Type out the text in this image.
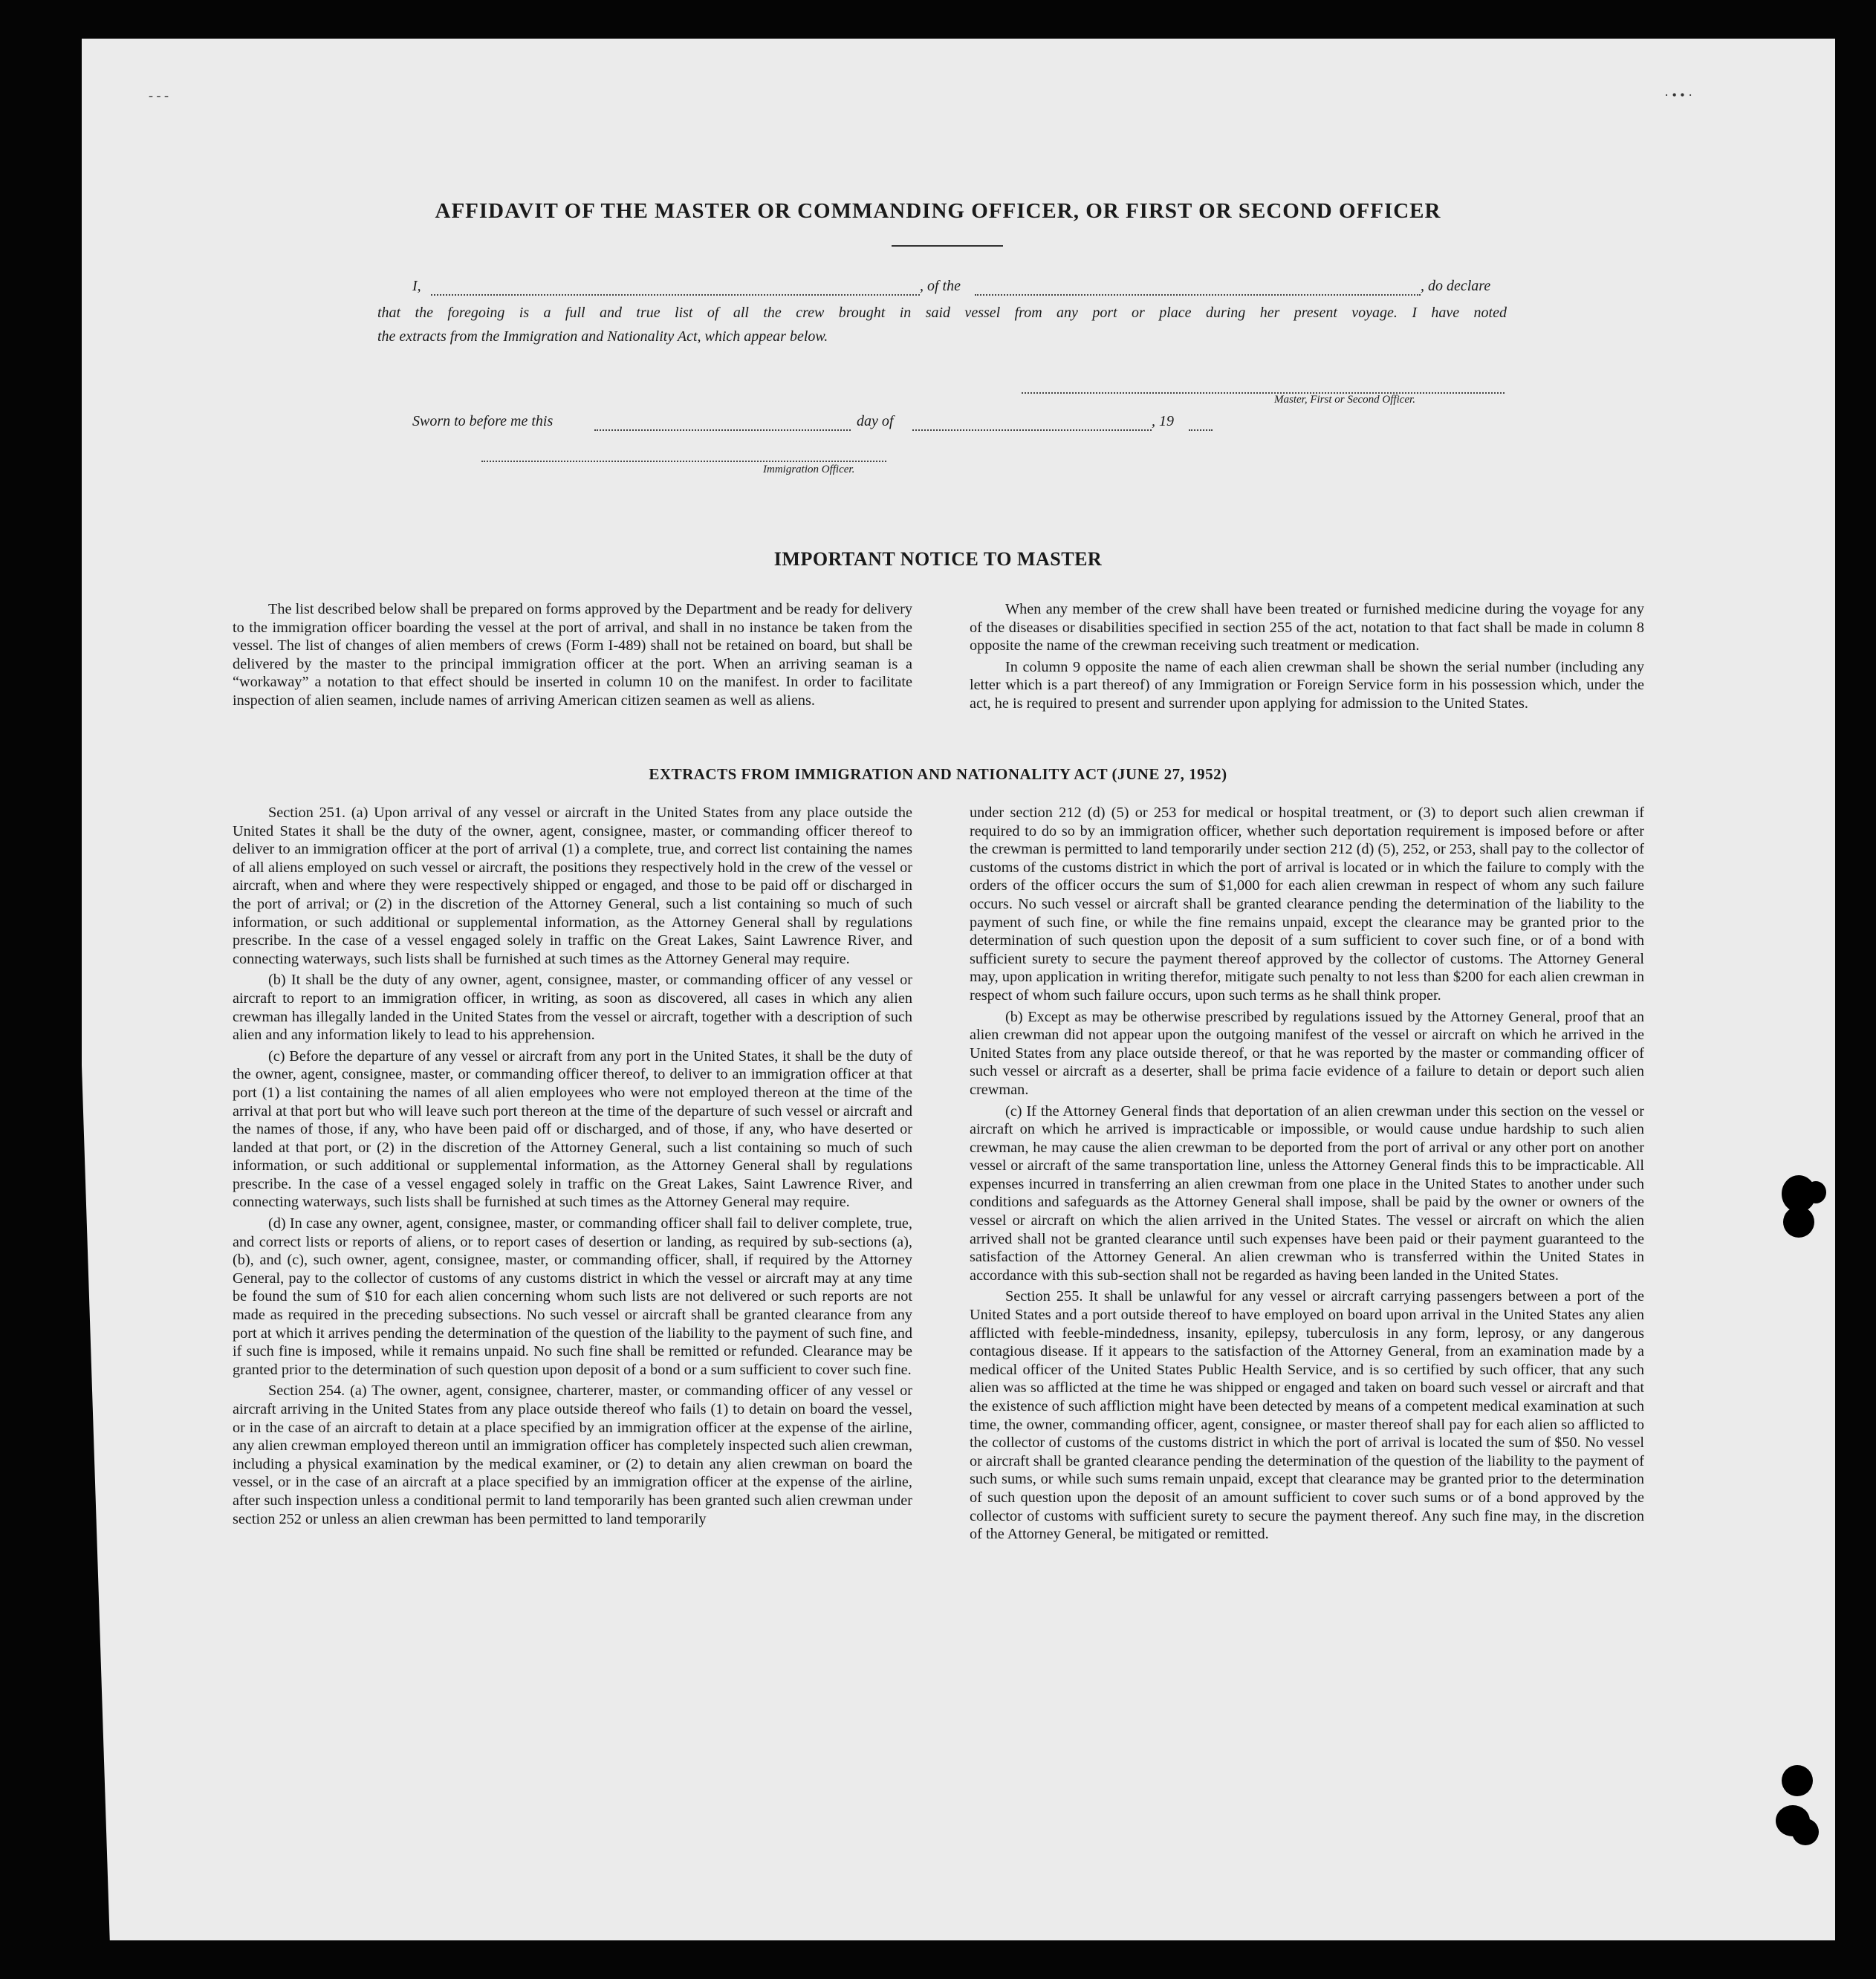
- - -	· • • ·
AFFIDAVIT OF THE MASTER OR COMMANDING OFFICER, OR FIRST OR SECOND OFFICER
I,	, of the	, do declare
that the foregoing is a full and true list of all the crew brought in said vessel from any port or place during her present voyage. I have noted
the extracts from the Immigration and Nationality Act, which appear below.
Master, First or Second Officer.
Sworn to before me this	day of	, 19
Immigration Officer.
IMPORTANT NOTICE TO MASTER

The list described below shall be prepared on forms approved by the Department and be ready for delivery to the immigration officer boarding the vessel at the port of arrival, and shall in no instance be taken from the vessel. The list of changes of alien members of crews (Form I-489) shall not be retained on board, but shall be delivered by the master to the principal immigration officer at the port. When an arriving seaman is a “workaway” a notation to that effect should be inserted in column 10 on the manifest. In order to facilitate inspection of alien seamen, include names of arriving American citizen seamen as well as aliens.

When any member of the crew shall have been treated or furnished medicine during the voyage for any of the diseases or disabilities specified in section 255 of the act, notation to that fact shall be made in column 8 opposite the name of the crewman receiving such treatment or medication.

In column 9 opposite the name of each alien crewman shall be shown the serial number (including any letter which is a part thereof) of any Immigration or Foreign Service form in his possession which, under the act, he is required to present and surrender upon applying for admission to the United States.

EXTRACTS FROM IMMIGRATION AND NATIONALITY ACT (JUNE 27, 1952)

Section 251. (a) Upon arrival of any vessel or aircraft in the United States from any place outside the United States it shall be the duty of the owner, agent, consignee, master, or commanding officer thereof to deliver to an immigration officer at the port of arrival (1) a complete, true, and correct list containing the names of all aliens employed on such vessel or aircraft, the positions they respectively hold in the crew of the vessel or aircraft, when and where they were respectively shipped or engaged, and those to be paid off or discharged in the port of arrival; or (2) in the discretion of the Attorney General, such a list containing so much of such information, or such additional or supplemental information, as the Attorney General shall by regulations prescribe. In the case of a vessel engaged solely in traffic on the Great Lakes, Saint Lawrence River, and connecting waterways, such lists shall be furnished at such times as the Attorney General may require.

(b) It shall be the duty of any owner, agent, consignee, master, or commanding officer of any vessel or aircraft to report to an immigration officer, in writing, as soon as discovered, all cases in which any alien crewman has illegally landed in the United States from the vessel or aircraft, together with a description of such alien and any information likely to lead to his apprehension.

(c) Before the departure of any vessel or aircraft from any port in the United States, it shall be the duty of the owner, agent, consignee, master, or commanding officer thereof, to deliver to an immigration officer at that port (1) a list containing the names of all alien employees who were not employed thereon at the time of the arrival at that port but who will leave such port thereon at the time of the departure of such vessel or aircraft and the names of those, if any, who have been paid off or discharged, and of those, if any, who have deserted or landed at that port, or (2) in the discretion of the Attorney General, such a list containing so much of such information, or such additional or supplemental information, as the Attorney General shall by regulations prescribe. In the case of a vessel engaged solely in traffic on the Great Lakes, Saint Lawrence River, and connecting waterways, such lists shall be furnished at such times as the Attorney General may require.

(d) In case any owner, agent, consignee, master, or commanding officer shall fail to deliver complete, true, and correct lists or reports of aliens, or to report cases of desertion or landing, as required by sub-sections (a), (b), and (c), such owner, agent, consignee, master, or commanding officer, shall, if required by the Attorney General, pay to the collector of customs of any customs district in which the vessel or aircraft may at any time be found the sum of $10 for each alien concerning whom such lists are not delivered or such reports are not made as required in the preceding subsections. No such vessel or aircraft shall be granted clearance from any port at which it arrives pending the determination of the question of the liability to the payment of such fine, and if such fine is imposed, while it remains unpaid. No such fine shall be remitted or refunded. Clearance may be granted prior to the determination of such question upon deposit of a bond or a sum sufficient to cover such fine.

Section 254. (a) The owner, agent, consignee, charterer, master, or commanding officer of any vessel or aircraft arriving in the United States from any place outside thereof who fails (1) to detain on board the vessel, or in the case of an aircraft to detain at a place specified by an immigration officer at the expense of the airline, any alien crewman employed thereon until an immigration officer has completely inspected such alien crewman, including a physical examination by the medical examiner, or (2) to detain any alien crewman on board the vessel, or in the case of an aircraft at a place specified by an immigration officer at the expense of the airline, after such inspection unless a conditional permit to land temporarily has been granted such alien crewman under section 252 or unless an alien crewman has been permitted to land temporarily

under section 212 (d) (5) or 253 for medical or hospital treatment, or (3) to deport such alien crewman if required to do so by an immigration officer, whether such deportation requirement is imposed before or after the crewman is permitted to land temporarily under section 212 (d) (5), 252, or 253, shall pay to the collector of customs of the customs district in which the port of arrival is located or in which the failure to comply with the orders of the officer occurs the sum of $1,000 for each alien crewman in respect of whom any such failure occurs. No such vessel or aircraft shall be granted clearance pending the determination of the liability to the payment of such fine, or while the fine remains unpaid, except the clearance may be granted prior to the determination of such question upon the deposit of a sum sufficient to cover such fine, or of a bond with sufficient surety to secure the payment thereof approved by the collector of customs. The Attorney General may, upon application in writing therefor, mitigate such penalty to not less than $200 for each alien crewman in respect of whom such failure occurs, upon such terms as he shall think proper.

(b) Except as may be otherwise prescribed by regulations issued by the Attorney General, proof that an alien crewman did not appear upon the outgoing manifest of the vessel or aircraft on which he arrived in the United States from any place outside thereof, or that he was reported by the master or commanding officer of such vessel or aircraft as a deserter, shall be prima facie evidence of a failure to detain or deport such alien crewman.

(c) If the Attorney General finds that deportation of an alien crewman under this section on the vessel or aircraft on which he arrived is impracticable or impossible, or would cause undue hardship to such alien crewman, he may cause the alien crewman to be deported from the port of arrival or any other port on another vessel or aircraft of the same transportation line, unless the Attorney General finds this to be impracticable. All expenses incurred in transferring an alien crewman from one place in the United States to another under such conditions and safeguards as the Attorney General shall impose, shall be paid by the owner or owners of the vessel or aircraft on which the alien arrived in the United States. The vessel or aircraft on which the alien arrived shall not be granted clearance until such expenses have been paid or their payment guaranteed to the satisfaction of the Attorney General. An alien crewman who is transferred within the United States in accordance with this sub-section shall not be regarded as having been landed in the United States.

Section 255. It shall be unlawful for any vessel or aircraft carrying passengers between a port of the United States and a port outside thereof to have employed on board upon arrival in the United States any alien afflicted with feeble-mindedness, insanity, epilepsy, tuberculosis in any form, leprosy, or any dangerous contagious disease. If it appears to the satisfaction of the Attorney General, from an examination made by a medical officer of the United States Public Health Service, and is so certified by such officer, that any such alien was so afflicted at the time he was shipped or engaged and taken on board such vessel or aircraft and that the existence of such affliction might have been detected by means of a competent medical examination at such time, the owner, commanding officer, agent, consignee, or master thereof shall pay for each alien so afflicted to the collector of customs of the customs district in which the port of arrival is located the sum of $50. No vessel or aircraft shall be granted clearance pending the determination of the question of the liability to the payment of such sums, or while such sums remain unpaid, except that clearance may be granted prior to the determination of such question upon the deposit of an amount sufficient to cover such sums or of a bond approved by the collector of customs with sufficient surety to secure the payment thereof. Any such fine may, in the discretion of the Attorney General, be mitigated or remitted.
